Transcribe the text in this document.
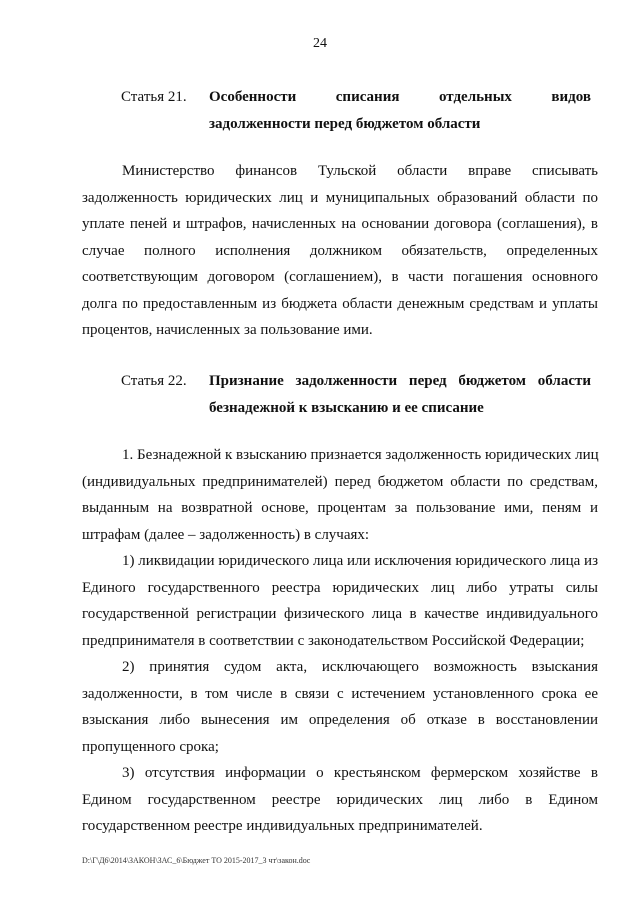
24
Статья 21. Особенности списания отдельных видов
задолженности перед бюджетом области
Министерство финансов Тульской области вправе списывать
задолженность юридических лиц и муниципальных образований области по
уплате пеней и штрафов, начисленных на основании договора (соглашения), в
случае полного исполнения должником обязательств, определенных
соответствующим договором (соглашением), в части погашения основного
долга по предоставленным из бюджета области денежным средствам и уплаты
процентов, начисленных за пользование ими.
Статья 22. Признание задолженности перед бюджетом области
безнадежной к взысканию и ее списание
1. Безнадежной к взысканию признается задолженность юридических лиц
(индивидуальных предпринимателей) перед бюджетом области по средствам,
выданным на возвратной основе, процентам за пользование ими, пеням и
штрафам (далее – задолженность) в случаях:
1) ликвидации юридического лица или исключения юридического лица из
Единого государственного реестра юридических лиц либо утраты силы
государственной регистрации физического лица в качестве индивидуального
предпринимателя в соответствии с законодательством Российской Федерации;
2) принятия судом акта, исключающего возможность взыскания
задолженности, в том числе в связи с истечением установленного срока ее
взыскания либо вынесения им определения об отказе в восстановлении
пропущенного срока;
3) отсутствия информации о крестьянском фермерском хозяйстве в
Едином государственном реестре юридических лиц либо в Едином
государственном реестре индивидуальных предпринимателей.
D:\Г\Д6\2014\ЗАКОН\ЗАС_6\Бюджет ТО 2015-2017_3 чт\закон.doc
